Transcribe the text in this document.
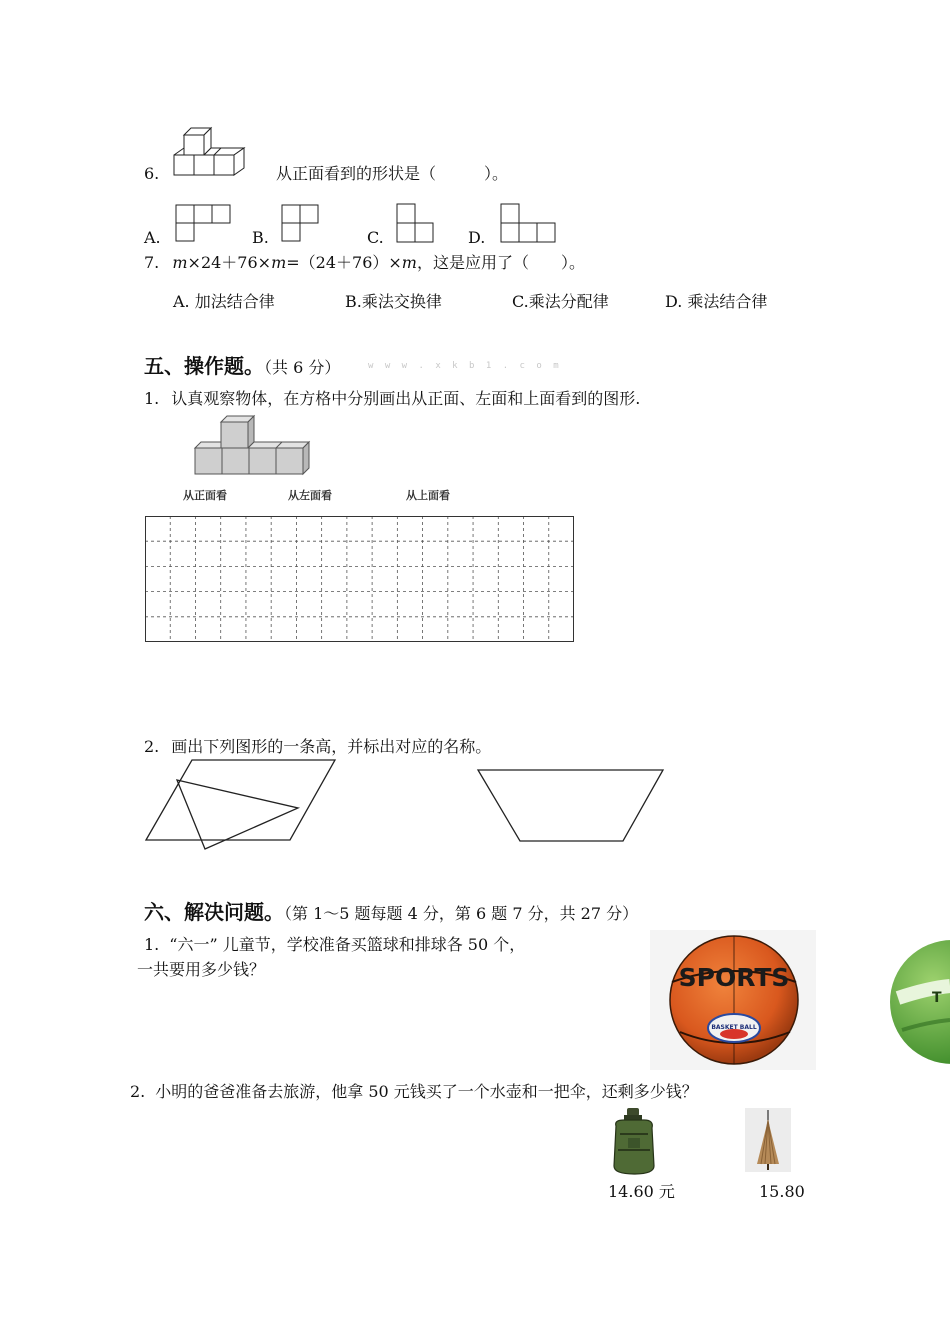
6.	从正面看到的形状是（　　　）。
A.	B.	C.	D.
7. m×24＋76×m=（24＋76）×m，这是应用了（　　）。
A. 加法结合律	B.乘法交换律	C.乘法分配律	D. 乘法结合律
五、操作题。（共 6 分）	w w w . x k b 1 . c o m
1. 认真观察物体，在方格中分别画出从正面、左面和上面看到的图形.
从正面看	从左面看	从上面看
2. 画出下列图形的一条高，并标出对应的名称。
六、解决问题。（第 1～5 题每题 4 分，第 6 题 7 分，共 27 分）
1. “六一” 儿童节，学校准备买篮球和排球各 50 个，
一共要用多少钱？	SPORTS
BASKET BALL
T
2. 小明的爸爸准备去旅游，他拿 50 元钱买了一个水壶和一把伞，还剩多少钱？
14.60 元	15.80
